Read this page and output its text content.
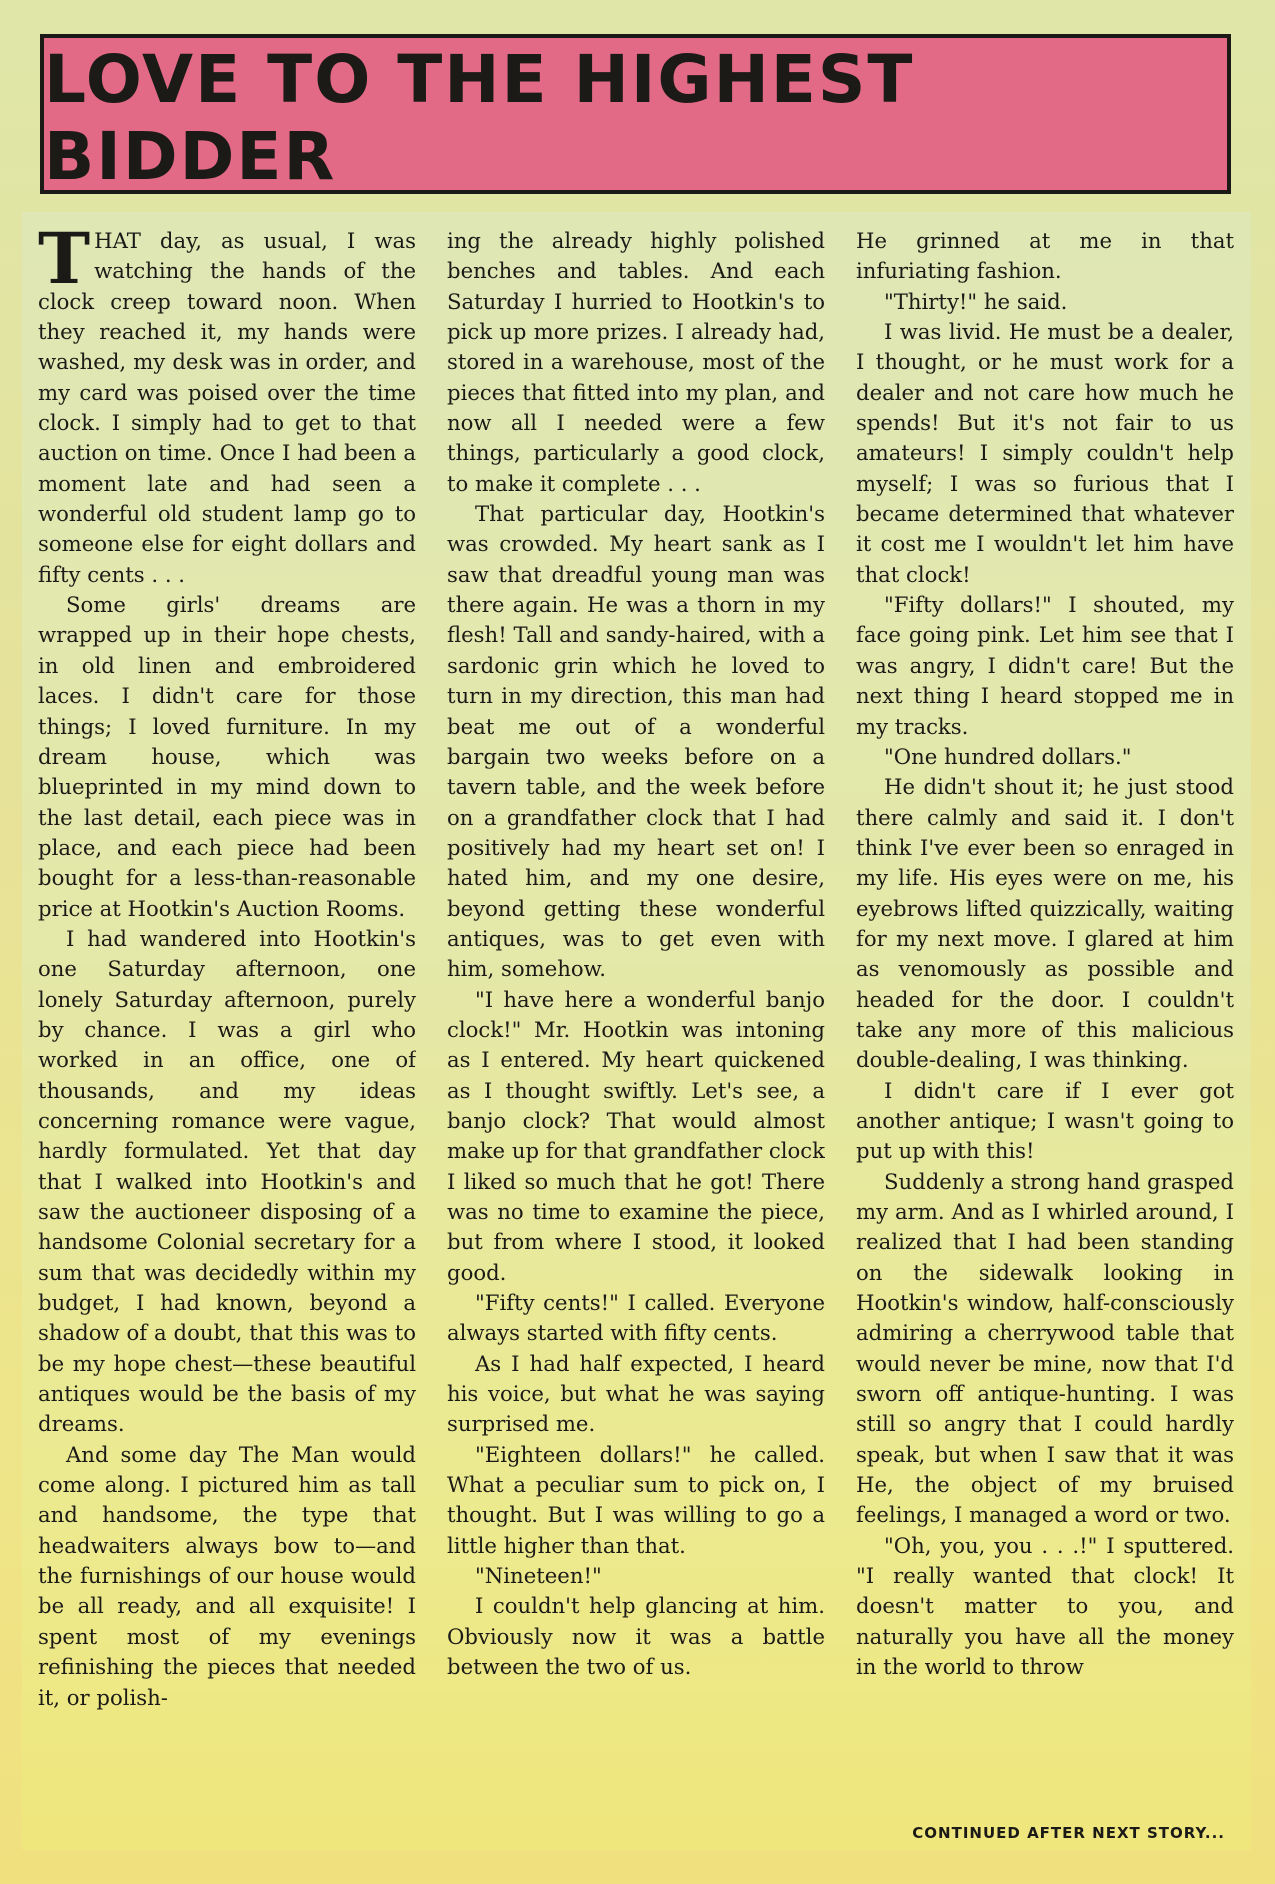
LOVE TO THE HIGHEST BIDDER

THAT day, as usual, I was watching the hands of the clock creep toward noon. When they reached it, my hands were washed, my desk was in order, and my card was poised over the time clock. I simply had to get to that auction on time. Once I had been a moment late and had seen a wonderful old student lamp go to someone else for eight dollars and fifty cents . . .

Some girls' dreams are wrapped up in their hope chests, in old linen and embroidered laces. I didn't care for those things; I loved furniture. In my dream house, which was blueprinted in my mind down to the last detail, each piece was in place, and each piece had been bought for a less-than-reasonable price at Hootkin's Auction Rooms.

I had wandered into Hootkin's one Saturday afternoon, one lonely Saturday afternoon, purely by chance. I was a girl who worked in an office, one of thousands, and my ideas concerning romance were vague, hardly formulated. Yet that day that I walked into Hootkin's and saw the auctioneer disposing of a handsome Colonial secretary for a sum that was decidedly within my budget, I had known, beyond a shadow of a doubt, that this was to be my hope chest—these beautiful antiques would be the basis of my dreams.

And some day The Man would come along. I pictured him as tall and handsome, the type that headwaiters always bow to—and the furnishings of our house would be all ready, and all exquisite! I spent most of my evenings refinishing the pieces that needed it, or polish-

ing the already highly polished benches and tables. And each Saturday I hurried to Hootkin's to pick up more prizes. I already had, stored in a warehouse, most of the pieces that fitted into my plan, and now all I needed were a few things, particularly a good clock, to make it complete . . .

That particular day, Hootkin's was crowded. My heart sank as I saw that dreadful young man was there again. He was a thorn in my flesh! Tall and sandy-haired, with a sardonic grin which he loved to turn in my direction, this man had beat me out of a wonderful bargain two weeks before on a tavern table, and the week before on a grandfather clock that I had positively had my heart set on! I hated him, and my one desire, beyond getting these wonderful antiques, was to get even with him, somehow.

"I have here a wonderful banjo clock!" Mr. Hootkin was intoning as I entered. My heart quickened as I thought swiftly. Let's see, a banjo clock? That would almost make up for that grandfather clock I liked so much that he got! There was no time to examine the piece, but from where I stood, it looked good.

"Fifty cents!" I called. Everyone always started with fifty cents.

As I had half expected, I heard his voice, but what he was saying surprised me.

"Eighteen dollars!" he called. What a peculiar sum to pick on, I thought. But I was willing to go a little higher than that.

"Nineteen!"

I couldn't help glancing at him. Obviously now it was a battle between the two of us.

He grinned at me in that infuriating fashion.

"Thirty!" he said.

I was livid. He must be a dealer, I thought, or he must work for a dealer and not care how much he spends! But it's not fair to us amateurs! I simply couldn't help myself; I was so furious that I became determined that whatever it cost me I wouldn't let him have that clock!

"Fifty dollars!" I shouted, my face going pink. Let him see that I was angry, I didn't care! But the next thing I heard stopped me in my tracks.

"One hundred dollars."

He didn't shout it; he just stood there calmly and said it. I don't think I've ever been so enraged in my life. His eyes were on me, his eyebrows lifted quizzically, waiting for my next move. I glared at him as venomously as possible and headed for the door. I couldn't take any more of this malicious double-dealing, I was thinking.

I didn't care if I ever got another antique; I wasn't going to put up with this!

Suddenly a strong hand grasped my arm. And as I whirled around, I realized that I had been standing on the sidewalk looking in Hootkin's window, half-consciously admiring a cherrywood table that would never be mine, now that I'd sworn off antique-hunting. I was still so angry that I could hardly speak, but when I saw that it was He, the object of my bruised feelings, I managed a word or two.

"Oh, you, you . . .!" I sputtered. "I really wanted that clock! It doesn't matter to you, and naturally you have all the money in the world to throw

CONTINUED AFTER NEXT STORY...
